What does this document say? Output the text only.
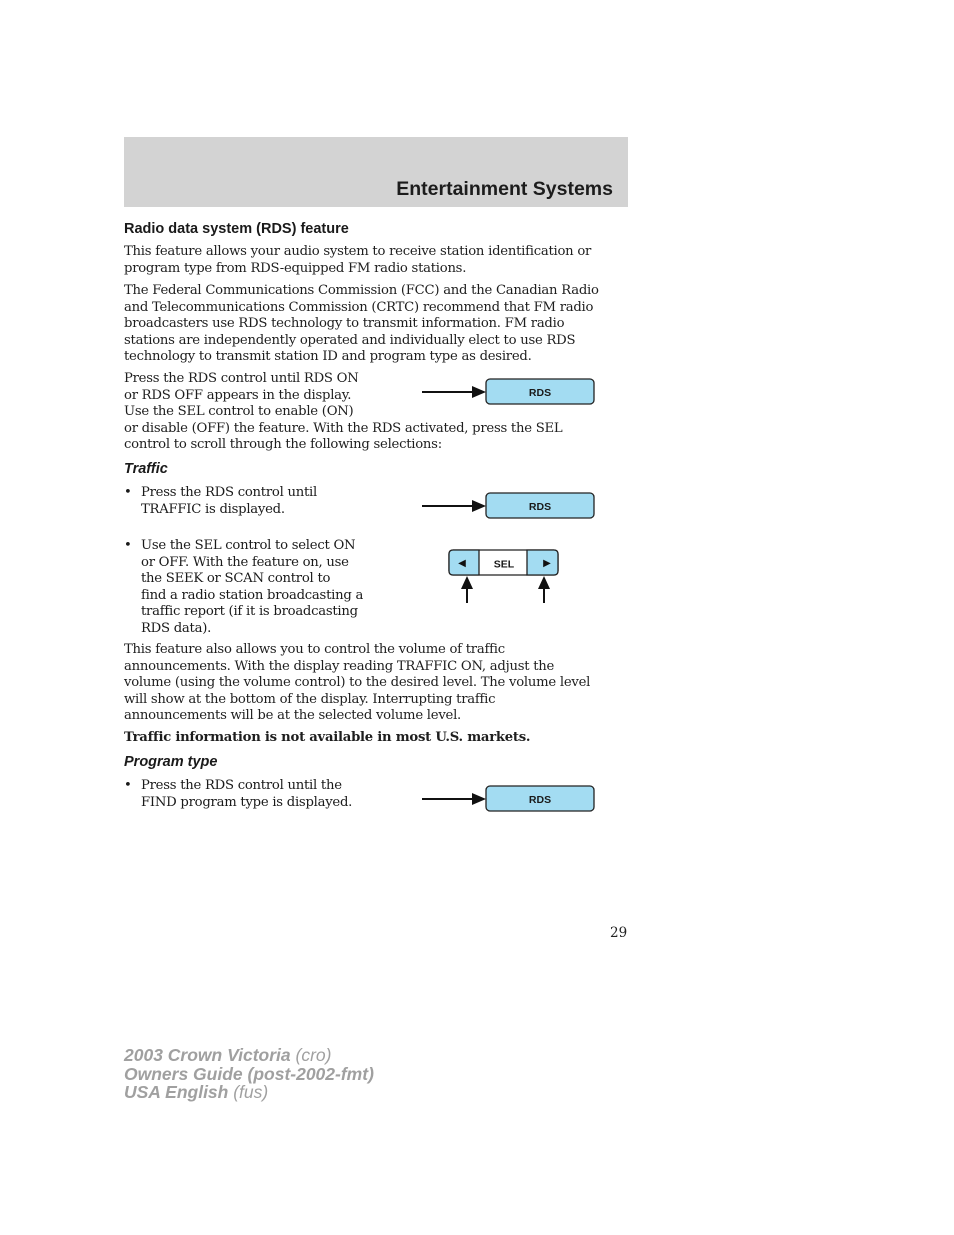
Entertainment Systems
Radio data system (RDS) feature
This feature allows your audio system to receive station identification or
program type from RDS-equipped FM radio stations.
The Federal Communications Commission (FCC) and the Canadian Radio
and Telecommunications Commission (CRTC) recommend that FM radio
broadcasters use RDS technology to transmit information. FM radio
stations are independently operated and individually elect to use RDS
technology to transmit station ID and program type as desired.
Press the RDS control until RDS ON
or RDS OFF appears in the display.
Use the SEL control to enable (ON)
or disable (OFF) the feature. With the RDS activated, press the SEL
control to scroll through the following selections:
RDS
Traffic
• Press the RDS control until
TRAFFIC is displayed.	RDS
• Use the SEL control to select ON
or OFF. With the feature on, use
the SEEK or SCAN control to
find a radio station broadcasting a
traffic report (if it is broadcasting
RDS data).
◀	▶
SEL
This feature also allows you to control the volume of traffic
announcements. With the display reading TRAFFIC ON, adjust the
volume (using the volume control) to the desired level. The volume level
will show at the bottom of the display. Interrupting traffic
announcements will be at the selected volume level.
Traffic information is not available in most U.S. markets.
Program type
• Press the RDS control until the
FIND program type is displayed.	RDS
29
2003 Crown Victoria (cro)
Owners Guide (post-2002-fmt)
USA English (fus)
